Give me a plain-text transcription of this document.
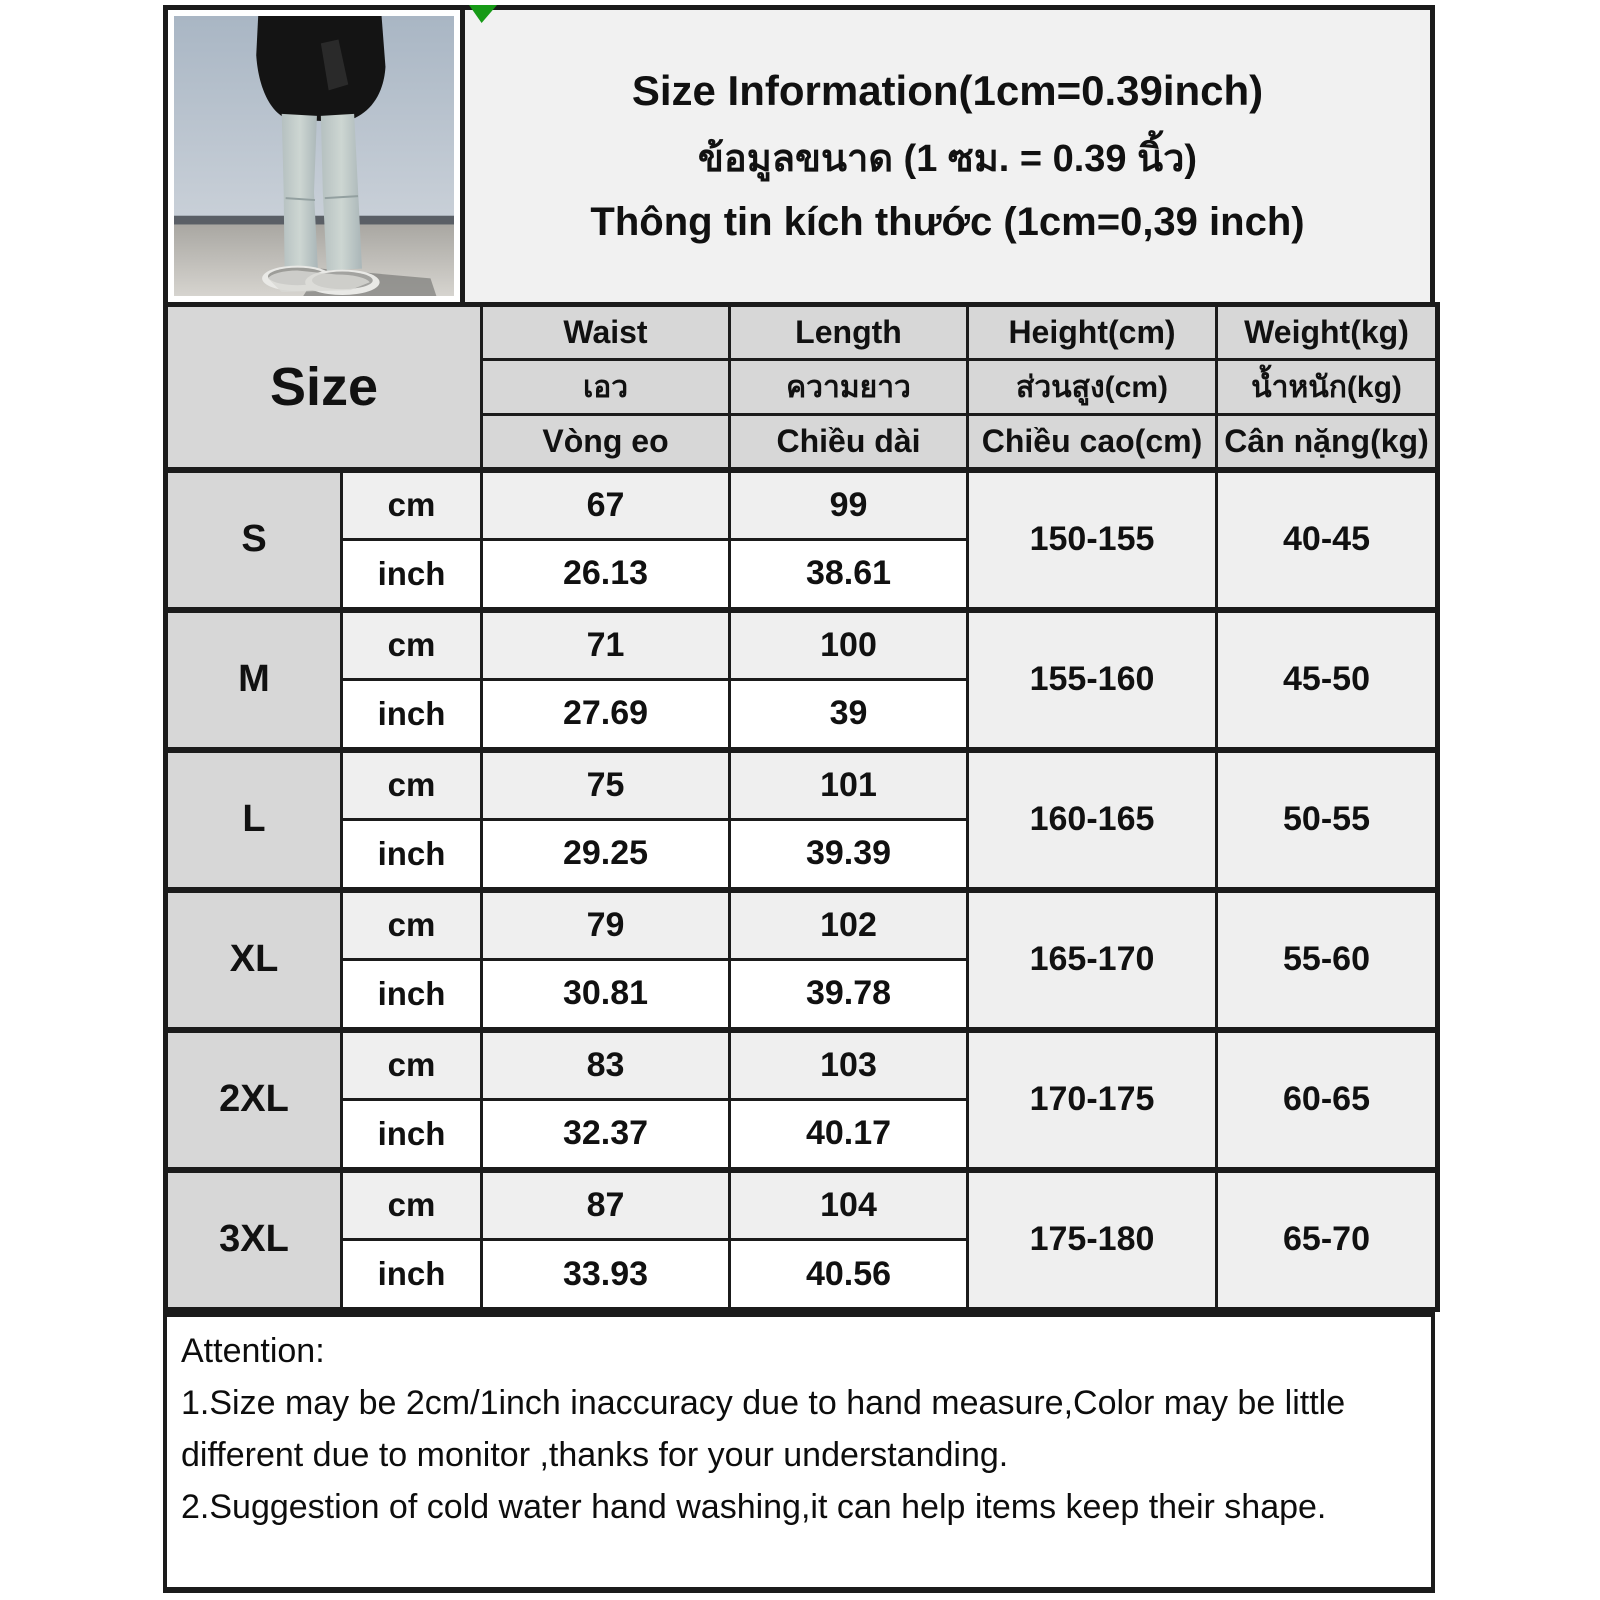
Size Information(1cm=0.39inch)
ข้อมูลขนาด (1 ซม. = 0.39 นิ้ว)
Thông tin kích thước (1cm=0,39 inch)
Size		Waist	Length	Height(cm)	Weight(kg)
		เอว	ความยาว	ส่วนสูง(cm)	น้ำหนัก(kg)
		Vòng eo	Chiều dài	Chiều cao(cm)	Cân nặng(kg)
S	cm	67	99	150-155	40-45
	inch	26.13	38.61		
M	cm	71	100	155-160	45-50
	inch	27.69	39		
L	cm	75	101	160-165	50-55
	inch	29.25	39.39		
XL	cm	79	102	165-170	55-60
	inch	30.81	39.78		
2XL	cm	83	103	170-175	60-65
	inch	32.37	40.17		
3XL	cm	87	104	175-180	65-70
	inch	33.93	40.56		
Attention:
1.Size may be 2cm/1inch inaccuracy due to hand measure,Color may be little different due to monitor ,thanks for your understanding.
2.Suggestion of cold water hand washing,it can help items keep their shape.
